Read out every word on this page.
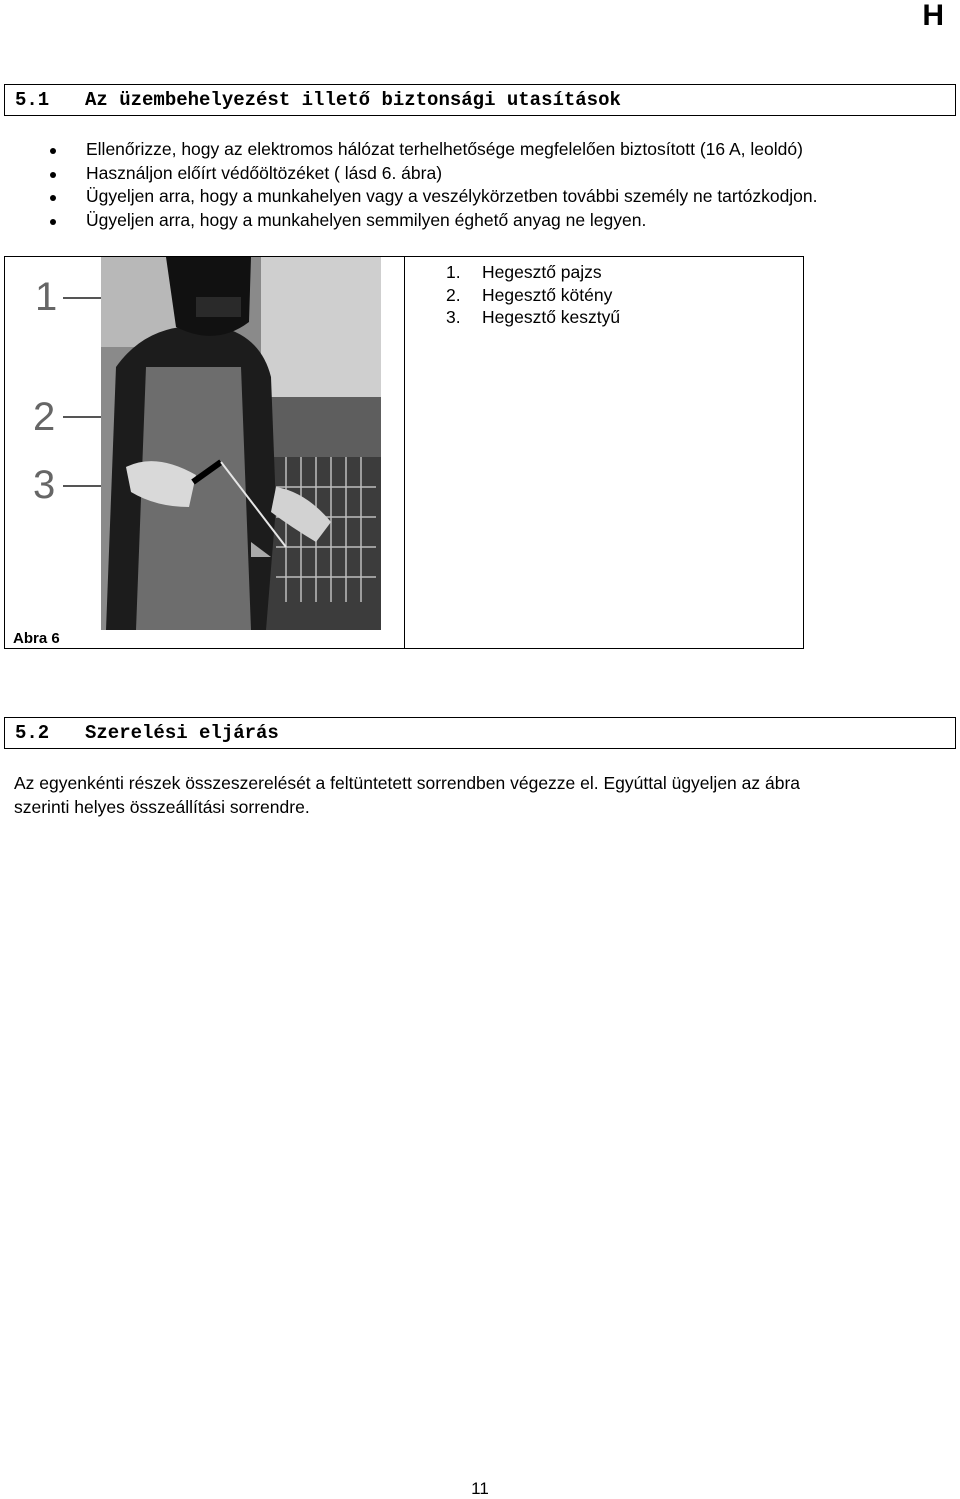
H
5.1	Az üzembehelyezést illető biztonsági utasítások
Ellenőrizze, hogy az elektromos hálózat terhelhetősége megfelelően biztosított (16 A, leoldó)
Használjon előírt védőöltözéket ( lásd 6. ábra)
Ügyeljen arra, hogy a munkahelyen vagy a veszélykörzetben további személy ne tartózkodjon.
Ügyeljen arra, hogy a munkahelyen semmilyen éghető anyag ne legyen.
1
2
3
Abra 6
1. Hegesztő pajzs
2. Hegesztő kötény
3. Hegesztő kesztyű
5.2	Szerelési eljárás

Az egyenkénti részek összeszerelését a feltüntetett sorrendben végezze el. Egyúttal ügyeljen az ábra
szerinti helyes összeállítási sorrendre.

11
